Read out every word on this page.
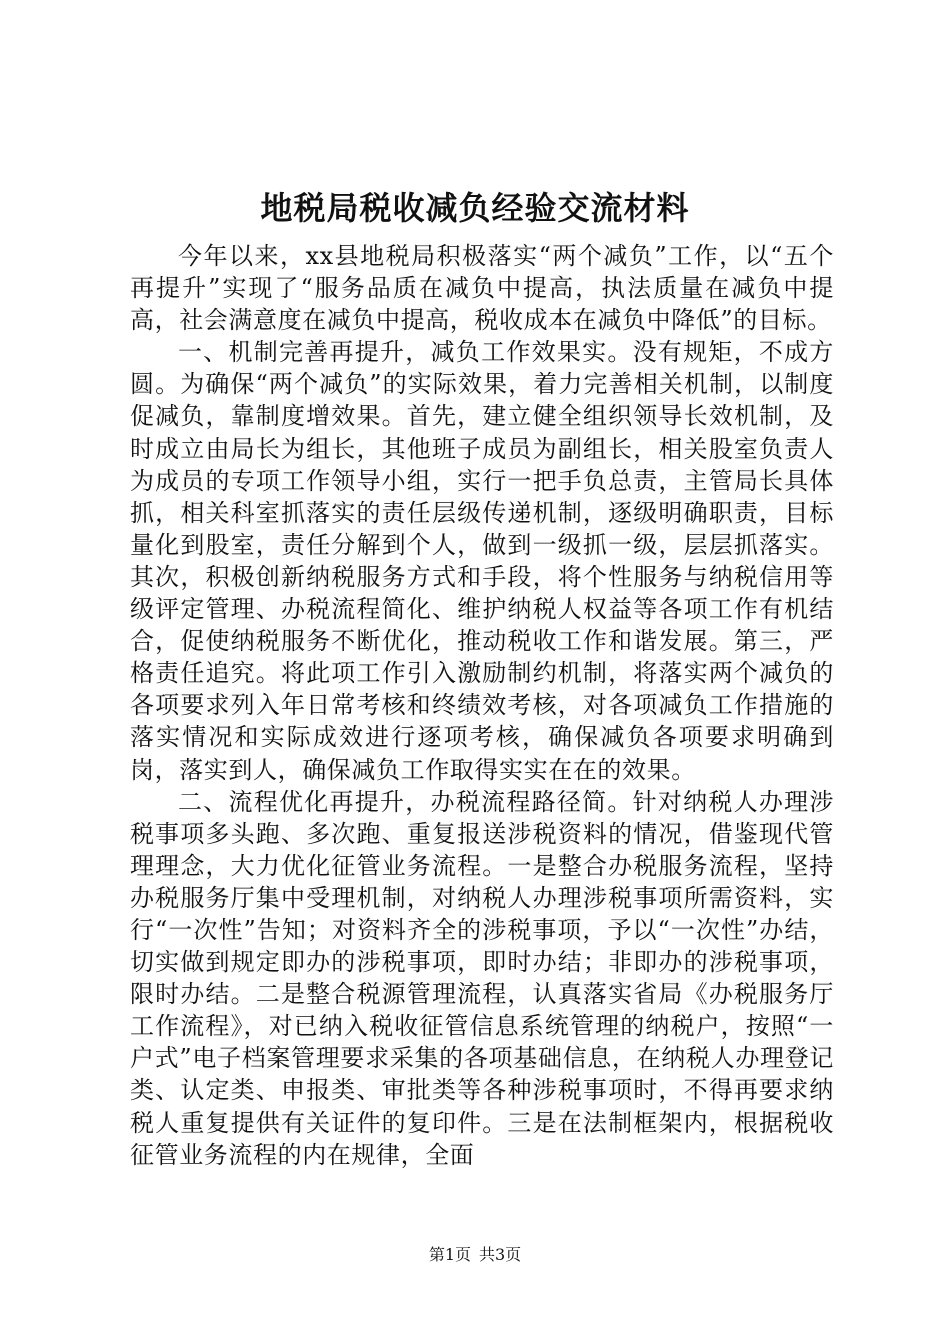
地税局税收减负经验交流材料

今年以来，xx县地税局积极落实“两个减负”工作，以“五个再提升”实现了“服务品质在减负中提高，执法质量在减负中提高，社会满意度在减负中提高，税收成本在减负中降低”的目标。

一、机制完善再提升，减负工作效果实。没有规矩，不成方圆。为确保“两个减负”的实际效果，着力完善相关机制，以制度促减负，靠制度增效果。首先，建立健全组织领导长效机制，及时成立由局长为组长，其他班子成员为副组长，相关股室负责人为成员的专项工作领导小组，实行一把手负总责，主管局长具体抓，相关科室抓落实的责任层级传递机制，逐级明确职责，目标量化到股室，责任分解到个人，做到一级抓一级，层层抓落实。其次，积极创新纳税服务方式和手段，将个性服务与纳税信用等级评定管理、办税流程简化、维护纳税人权益等各项工作有机结合，促使纳税服务不断优化，推动税收工作和谐发展。第三，严格责任追究。将此项工作引入激励制约机制，将落实两个减负的各项要求列入年日常考核和终绩效考核，对各项减负工作措施的落实情况和实际成效进行逐项考核，确保减负各项要求明确到岗，落实到人，确保减负工作取得实实在在的效果。

二、流程优化再提升，办税流程路径简。针对纳税人办理涉税事项多头跑、多次跑、重复报送涉税资料的情况，借鉴现代管理理念，大力优化征管业务流程。一是整合办税服务流程，坚持办税服务厅集中受理机制，对纳税人办理涉税事项所需资料，实行“一次性”告知；对资料齐全的涉税事项，予以“一次性”办结，切实做到规定即办的涉税事项，即时办结；非即办的涉税事项，限时办结。二是整合税源管理流程，认真落实省局《办税服务厅工作流程》，对已纳入税收征管信息系统管理的纳税户，按照“一户式”电子档案管理要求采集的各项基础信息，在纳税人办理登记类、认定类、申报类、审批类等各种涉税事项时，不得再要求纳税人重复提供有关证件的复印件。三是在法制框架内，根据税收征管业务流程的内在规律，全面

第1页 共3页
